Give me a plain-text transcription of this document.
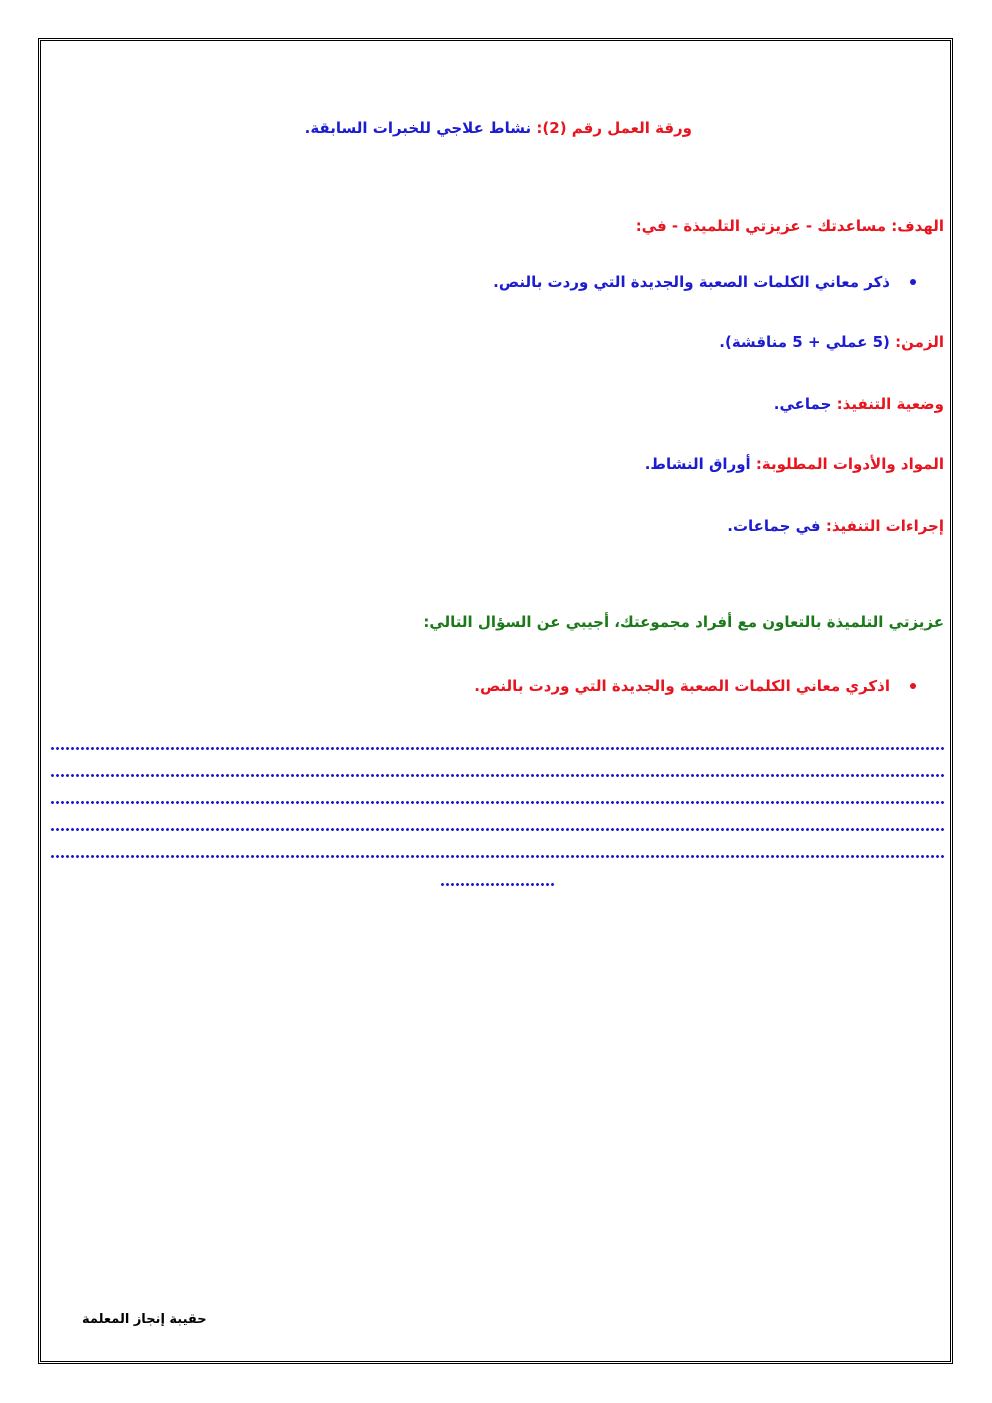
ورقة العمل رقم (2): نشاط علاجي للخبرات السابقة.
الهدف: مساعدتك - عزيزتي التلميذة - في:
ذكر معاني الكلمات الصعبة والجديدة التي وردت بالنص.
الزمن: (5 عملي + 5 مناقشة).
وضعية التنفيذ: جماعي.
المواد والأدوات المطلوبة: أوراق النشاط.
إجراءات التنفيذ: في جماعات.
عزيزتي التلميذة بالتعاون مع أفراد مجموعتك، أجيبي عن السؤال التالي:
اذكري معاني الكلمات الصعبة والجديدة التي وردت بالنص.
حقيبة إنجاز المعلمة
